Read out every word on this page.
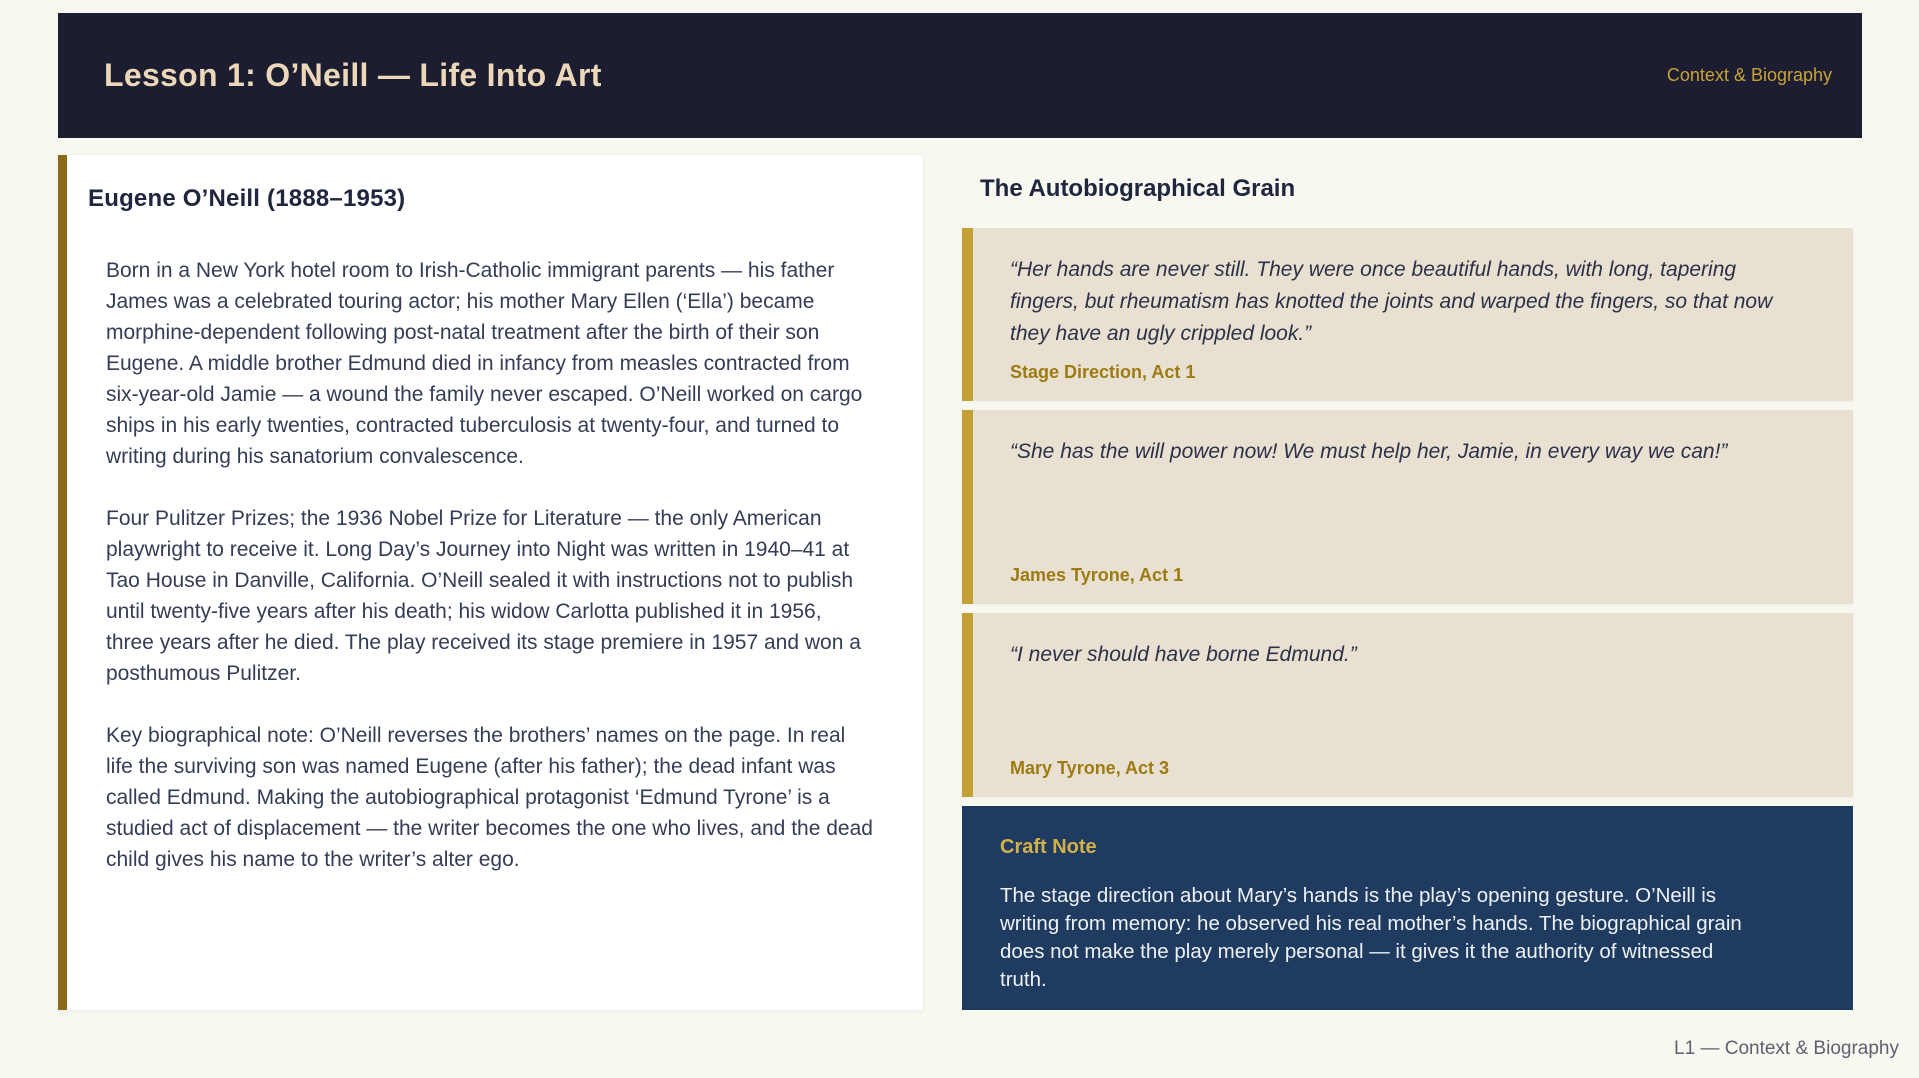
Lesson 1: O’Neill — Life Into Art	Context & Biography
Eugene O’Neill (1888–1953)

Born in a New York hotel room to Irish-Catholic immigrant parents — his father James was a celebrated touring actor; his mother Mary Ellen (‘Ella’) became morphine-dependent following post-natal treatment after the birth of their son Eugene. A middle brother Edmund died in infancy from measles contracted from six-year-old Jamie — a wound the family never escaped. O’Neill worked on cargo ships in his early twenties, contracted tuberculosis at twenty-four, and turned to writing during his sanatorium convalescence.

Four Pulitzer Prizes; the 1936 Nobel Prize for Literature — the only American playwright to receive it. Long Day’s Journey into Night was written in 1940–41 at Tao House in Danville, California. O’Neill sealed it with instructions not to publish until twenty-five years after his death; his widow Carlotta published it in 1956, three years after he died. The play received its stage premiere in 1957 and won a posthumous Pulitzer.

Key biographical note: O’Neill reverses the brothers’ names on the page. In real life the surviving son was named Eugene (after his father); the dead infant was called Edmund. Making the autobiographical protagonist ‘Edmund Tyrone’ is a studied act of displacement — the writer becomes the one who lives, and the dead child gives his name to the writer’s alter ego.

The Autobiographical Grain
“Her hands are never still. They were once beautiful hands, with long, tapering fingers, but rheumatism has knotted the joints and warped the fingers, so that now they have an ugly crippled look.”
Stage Direction, Act 1
“She has the will power now! We must help her, Jamie, in every way we can!”
James Tyrone, Act 1
“I never should have borne Edmund.”
Mary Tyrone, Act 3
Craft Note
The stage direction about Mary’s hands is the play’s opening gesture. O’Neill is writing from memory: he observed his real mother’s hands. The biographical grain does not make the play merely personal — it gives it the authority of witnessed truth.
L1 — Context & Biography
